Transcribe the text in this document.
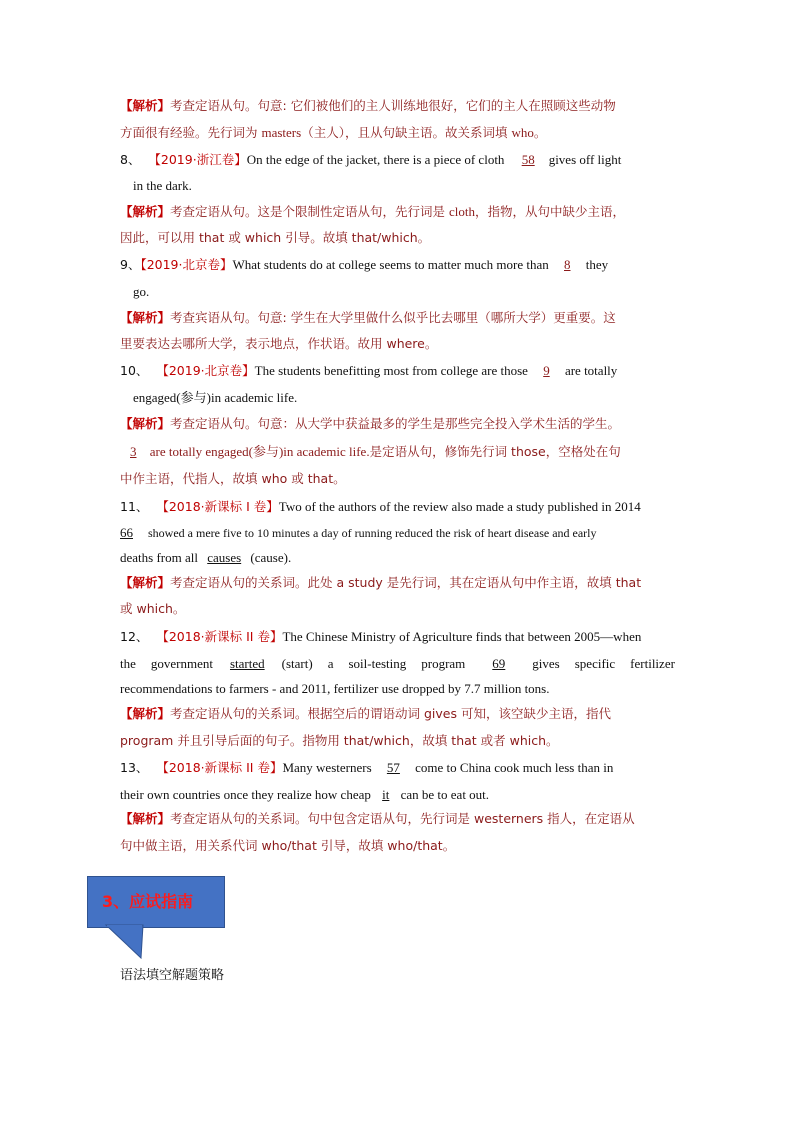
【解析】考查定语从句。句意: 它们被他们的主人训练地很好，它们的主人在照顾这些动物
方面很有经验。先行词为 masters（主人），且从句缺主语。故关系词填 who。
8、 【2019·浙江卷】On the edge of the jacket, there is a piece of cloth 58 gives off light
in the dark.
【解析】考查定语从句。这是个限制性定语从句，先行词是 cloth，指物，从句中缺少主语，
因此，可以用 that 或 which 引导。故填 that/which。
9、【2019·北京卷】What students do at college seems to matter much more than 8 they
go.
【解析】考查宾语从句。句意: 学生在大学里做什么似乎比去哪里（哪所大学）更重要。这
里要表达去哪所大学，表示地点，作状语。故用 where。
10、 【2019·北京卷】The students benefitting most from college are those 9 are totally
engaged(参与)in academic life.
【解析】考查定语从句。句意：从大学中获益最多的学生是那些完全投入学术生活的学生。
3 are totally engaged(参与)in academic life.是定语从句，修饰先行词 those，空格处在句
中作主语，代指人，故填 who 或 that。
11、 【2018·新课标 I 卷】Two of the authors of the review also made a study published in 2014
66 showed a mere five to 10 minutes a day of running reduced the risk of heart disease and early
deaths from all causes (cause).
【解析】考查定语从句的关系词。此处 a study 是先行词，其在定语从句中作主语，故填 that
或 which。
12、 【2018·新课标 II 卷】The Chinese Ministry of Agriculture finds that between 2005—when
the government started (start) a soil-testing program	69	gives specific fertilizer
recommendations to farmers - and 2011, fertilizer use dropped by 7.7 million tons.
【解析】考查定语从句的关系词。根据空后的谓语动词 gives 可知，该空缺少主语，指代
program 并且引导后面的句子。指物用 that/which，故填 that 或者 which。
13、 【2018·新课标 II 卷】Many westerners 57 come to China cook much less than in
their own countries once they realize how cheap it can be to eat out.
【解析】考查定语从句的关系词。句中包含定语从句，先行词是 westerners 指人，在定语从
句中做主语，用关系代词 who/that 引导，故填 who/that。
3、应试指南
语法填空解题策略
